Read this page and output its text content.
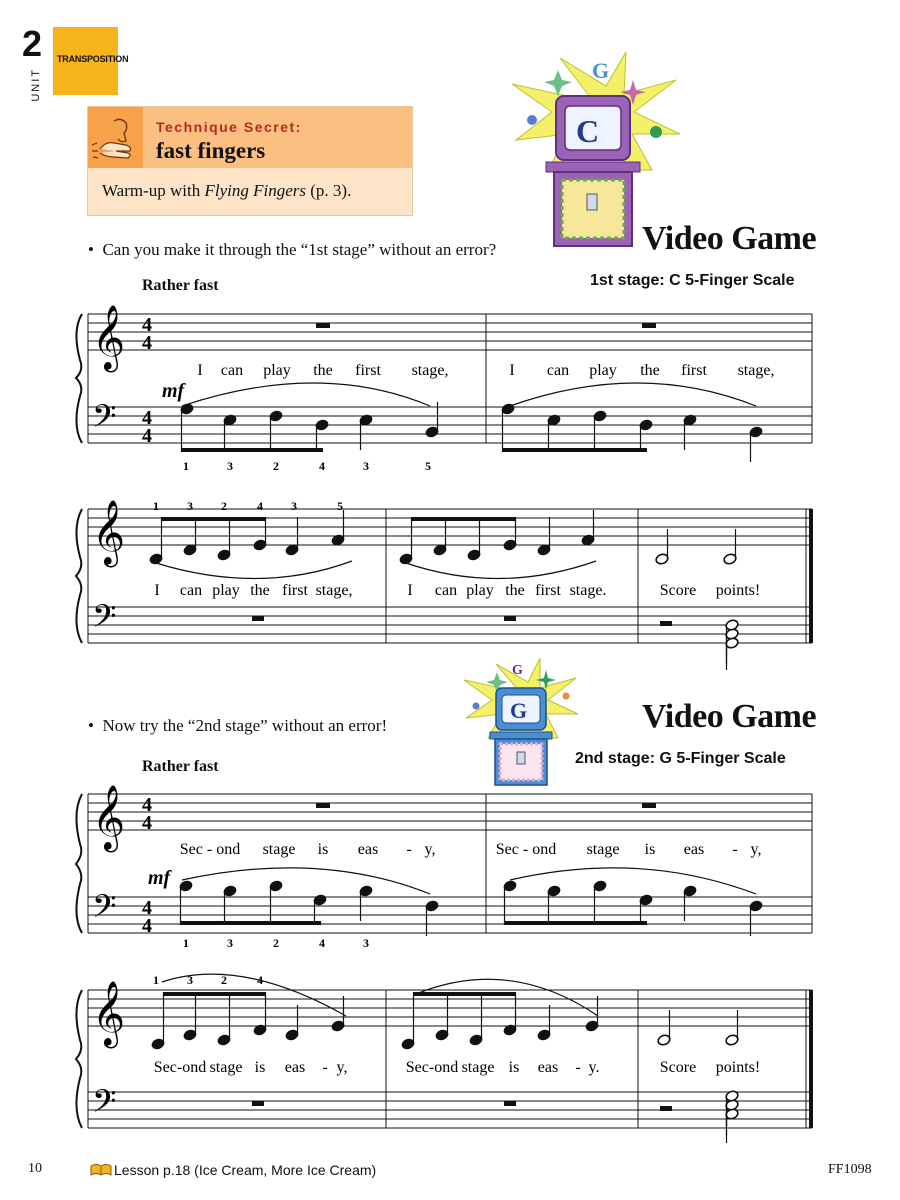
2
UNIT
TRANSPOSITION
Technique Secret:
fast fingers
Warm-up with Flying Fingers (p. 3).
G
C
•  Can you make it through the “1st stage” without an error?	Video Game
1st stage: C 5-Finger Scale
Rather fast
𝄞
𝄢
4
4
4
4
mf
I can play the first stage,	I can play the first stage,
1	3	2	4	3	5
𝄞
𝄢
I can play the first stage,	I can play the first stage.	Score points!
1 3 2	4 3	5
G
G
•  Now try the “2nd stage” without an error!	Video Game
2nd stage: G 5-Finger Scale
Rather fast
𝄞
𝄢
4
4
4
4
mf
Sec - ond stage is eas - y,	Sec - ond stage is eas - y,
1	3	2	4	3
𝄞
𝄢
Sec-ond stage is eas - y,	Sec-ond stage is eas - y.	Score points!
1 3 2	4
10	Lesson p.18 (Ice Cream, More Ice Cream)	FF1098
